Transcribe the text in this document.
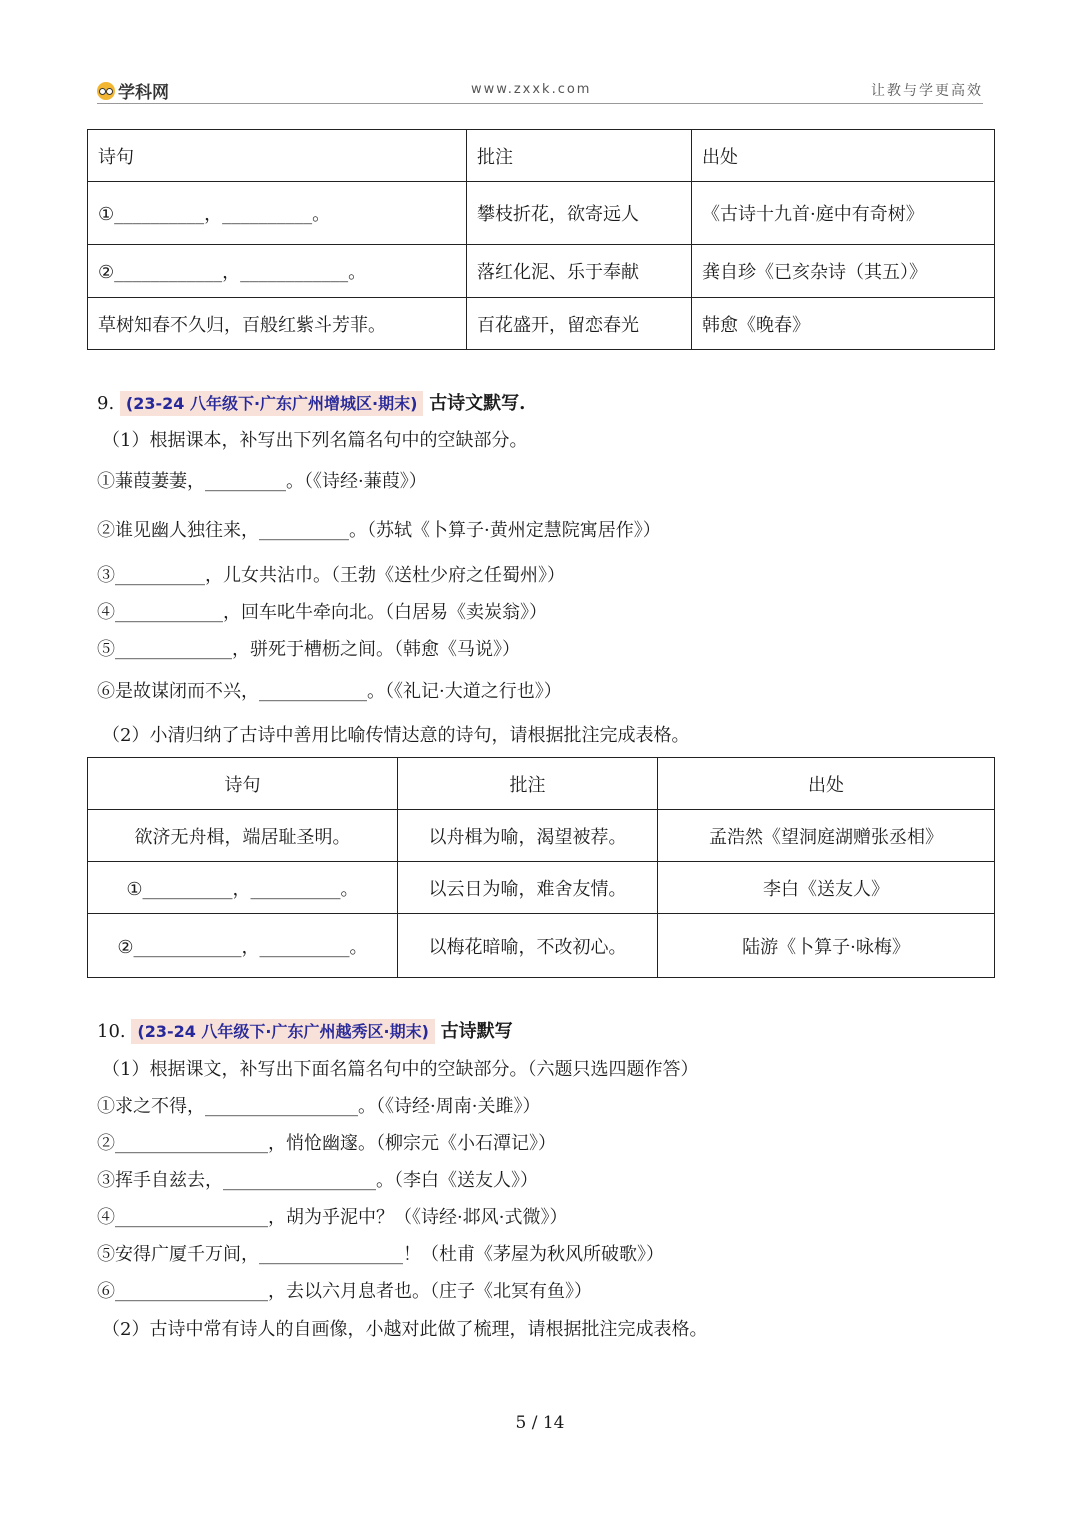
学科网	www.zxxk.com	让教与学更高效
诗句	批注	出处
①__________，__________。	攀枝折花，欲寄远人	《古诗十九首·庭中有奇树》
②____________，____________。	落红化泥、乐于奉献	龚自珍《已亥杂诗（其五）》
草树知春不久归，百般红紫斗芳菲。	百花盛开，留恋春光	韩愈《晚春》
9. (23-24 八年级下·广东广州增城区·期末) 古诗文默写.
（1）根据课本，补写出下列名篇名句中的空缺部分。
①蒹葭萋萋，_________。（《诗经·蒹葭》）
②谁见幽人独往来，__________。（苏轼《卜算子·黄州定慧院寓居作》）
③__________，儿女共沾巾。（王勃《送杜少府之任蜀州》）
④____________，回车叱牛牵向北。（白居易《卖炭翁》）
⑤_____________，骈死于槽枥之间。（韩愈《马说》）
⑥是故谋闭而不兴，____________。（《礼记·大道之行也》）
（2）小清归纳了古诗中善用比喻传情达意的诗句，请根据批注完成表格。
诗句	批注	出处
欲济无舟楫，端居耻圣明。	以舟楫为喻，渴望被荐。	孟浩然《望洞庭湖赠张丞相》
①__________，__________。	以云日为喻，难舍友情。	李白《送友人》
②____________，__________。	以梅花暗喻，不改初心。	陆游《卜算子·咏梅》
10. (23-24 八年级下·广东广州越秀区·期末) 古诗默写
（1）根据课文，补写出下面名篇名句中的空缺部分。（六题只选四题作答）
①求之不得，_________________。（《诗经·周南·关雎》）
②_________________，悄怆幽邃。（柳宗元《小石潭记》）
③挥手自兹去，_________________。（李白《送友人》）
④_________________，胡为乎泥中？（《诗经·邶风·式微》）
⑤安得广厦千万间，________________！（杜甫《茅屋为秋风所破歌》）
⑥_________________，去以六月息者也。（庄子《北冥有鱼》）
（2）古诗中常有诗人的自画像，小越对此做了梳理，请根据批注完成表格。
5 / 14
